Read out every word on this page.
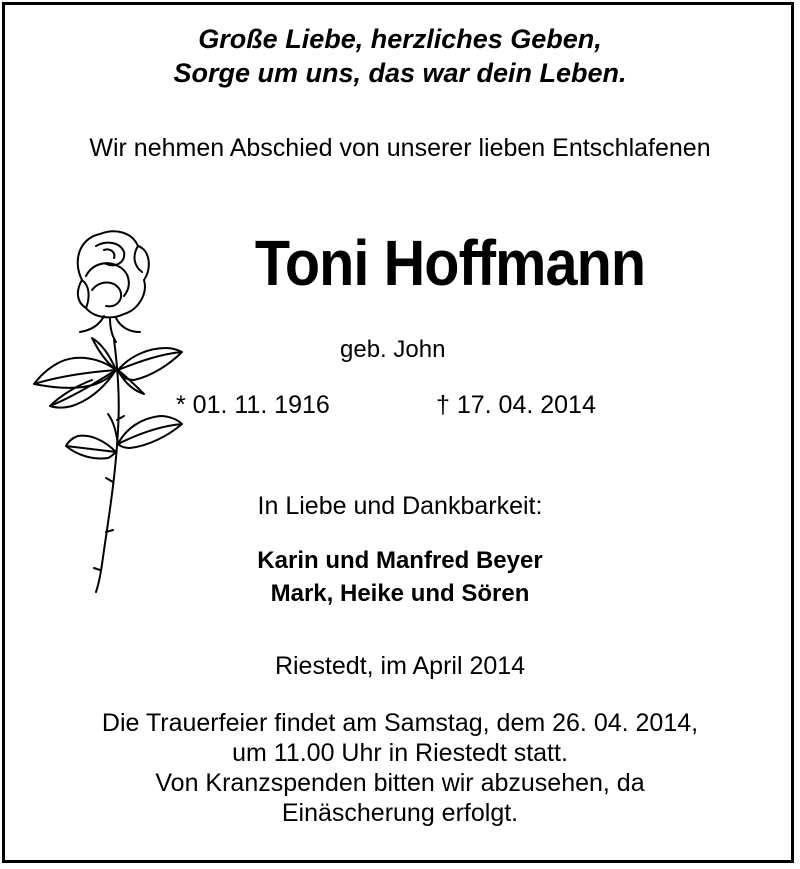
Große Liebe, herzliches Geben,
Sorge um uns, das war dein Leben.
Wir nehmen Abschied von unserer lieben Entschlafenen
Toni Hoffmann
geb. John
* 01. 11. 1916	† 17. 04. 2014
In Liebe und Dankbarkeit:
Karin und Manfred Beyer
Mark, Heike und Sören
Riestedt, im April 2014
Die Trauerfeier findet am Samstag, dem 26. 04. 2014,
um 11.00 Uhr in Riestedt statt.
Von Kranzspenden bitten wir abzusehen, da
Einäscherung erfolgt.
